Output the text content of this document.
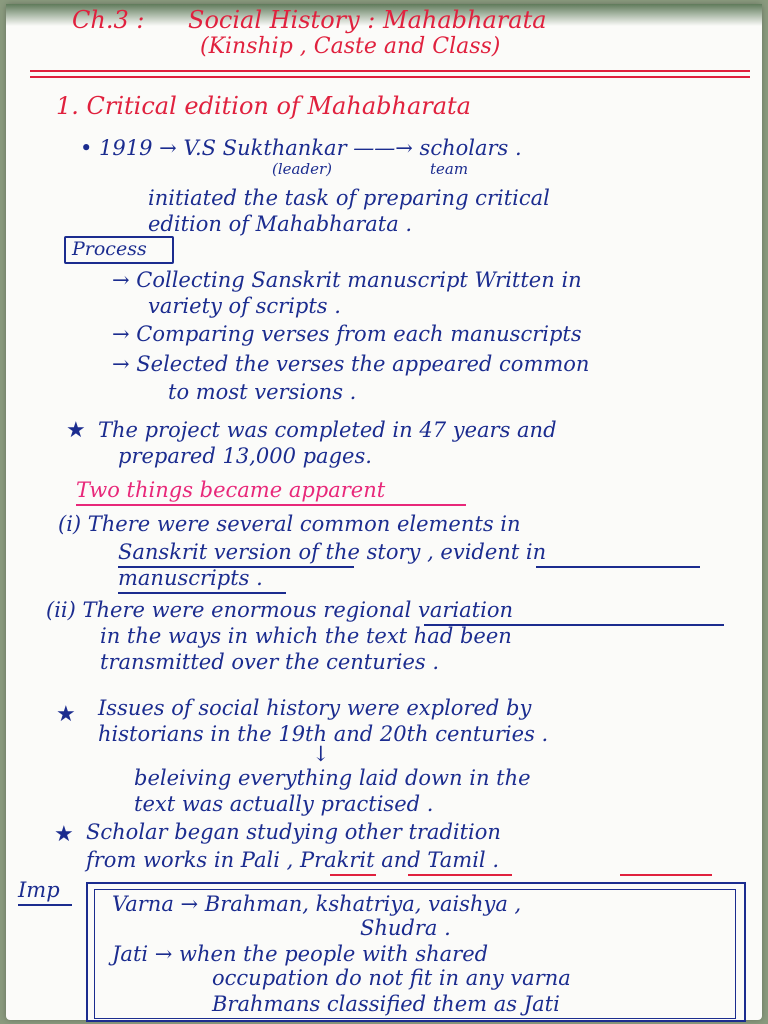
Ch.3 : Social History : Mahabharata
(Kinship , Caste and Class)
1. Critical edition of Mahabharata
• 1919 → V.S Sukthankar ——→ scholars .
(leader)	team
initiated the task of preparing critical
edition of Mahabharata .
Process
→ Collecting Sanskrit manuscript Written in
variety of scripts .
→ Comparing verses from each manuscripts
→ Selected the verses the appeared common
to most versions .
★ The project was completed in 47 years and
prepared 13,000 pages.
Two things became apparent
(i) There were several common elements in
Sanskrit version of the story , evident in
manuscripts .
(ii) There were enormous regional variation
in the ways in which the text had been
transmitted over the centuries .
★ Issues of social history were explored by
historians in the 19th and 20th centuries .
↓
beleiving everything laid down in the
text was actually practised .
★ Scholar began studying other tradition
from works in Pali , Prakrit and Tamil .
Imp
Varna → Brahman, kshatriya, vaishya ,
Shudra .
Jati → when the people with shared
occupation do not fit in any varna
Brahmans classified them as Jati
